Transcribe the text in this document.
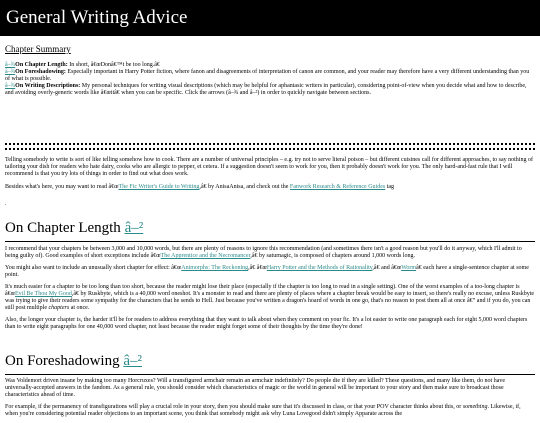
General Writing Advice
Chapter Summary

â–¾On Chapter Length: In short, â€œDonâ€™t be too long.â€

â–¾On Foreshadowing: Especially important in Harry Potter fiction, where fanon and disagreements of interpretation of canon are common, and your reader may therefore have a very different understanding than you of what is possible.

â–¾On Writing Descriptions: My personal techniques for writing visual descriptions (which may be helpful for aphantasic writers in particular), considering point-of-view when you decide what and how to describe, and avoiding overly-generic words like â€œitâ€ when you can be specific. Click the arrows (â–¾ and â–²) in order to quickly navigate between sections.

Telling somebody to write is sort of like telling somehow how to cook. There are a number of universal principles – e.g. try not to serve literal poison – but different cuisines call for different approaches, to say nothing of tailoring your dish for readers who hate dairy, cooks who are allergic to pepper, et cetera. If a suggestion doesn't seem to work for you, then it probably doesn't work for you. The only hard-and-fast rule that I will recommend is that you try lots of things in order to find out what does work.

Besides what's here, you may want to read â€œThe Fic Writer's Guide to Writing,â€ by AnisaAnisa, and check out the Fanwork Research & Reference Guides tag

.
On Chapter Length â–²

I recommend that your chapters be between 3,000 and 10,000 words, but there are plenty of reasons to ignore this recommendation (and sometimes there isn't a good reason but you'll do it anyway, which I'll admit to being guilty of). Good examples of short exceptions include â€œThe Apprentice and the Necromancer,â€ by saturnagic, is composed of chapters around 1,000 words long.

You might also want to include an unusually short chapter for effect: â€œAnimorphs: The Reckoning,â€ â€œHarry Potter and the Methods of Rationality,â€ and â€œWormâ€ each have a single-sentence chapter at some point.

It's much easier for a chapter to be too long than too short, because the reader might lose their place (especially if the chapter is too long to read in a single setting). One of the worst examples of a too-long chapter is â€œEvil Be Thou My Good,â€ by Ruskbyte, which is a 40,000 word oneshot. It's a monster to read and there are plenty of places where a chapter break would be easy to insert, so there's really no excuse, unless Ruskbyte was trying to give their readers some sympathy for the characters that he sends to Hell. Just because you've written a dragon's hoard of words in one go, that's no reason to post them all at once â€” and if you do, you can still post multiple chapters at once.

Also, the longer your chapter is, the harder it'll be for readers to address everything that they want to talk about when they comment on your fic. It's a lot easier to write one paragraph each for eight 5,000 word chapters than to write eight paragraphs for one 40,000 word chapter, not least because the reader might forget some of their thoughts by the time they're done!

On Foreshadowing â–²

Was Voldemort driven insane by making too many Horcruxes? Will a transfigured armchair remain an armchair indefinitely? Do people die if they are killed? These questions, and many like them, do not have universally-accepted answers in the fandom. As a general rule, you should consider which characteristics of magic or the world in general will be important to your story and then make sure to broadcast those characteristics ahead of time.

For example, if the permanency of transfigurations will play a crucial role in your story, then you should make sure that it's discussed in class, or that your POV character thinks about this, or something. Likewise, if, when you're considering potential reader objections to an important scene, you think that somebody might ask why Luna Lovegood didn't simply Apparate across the
